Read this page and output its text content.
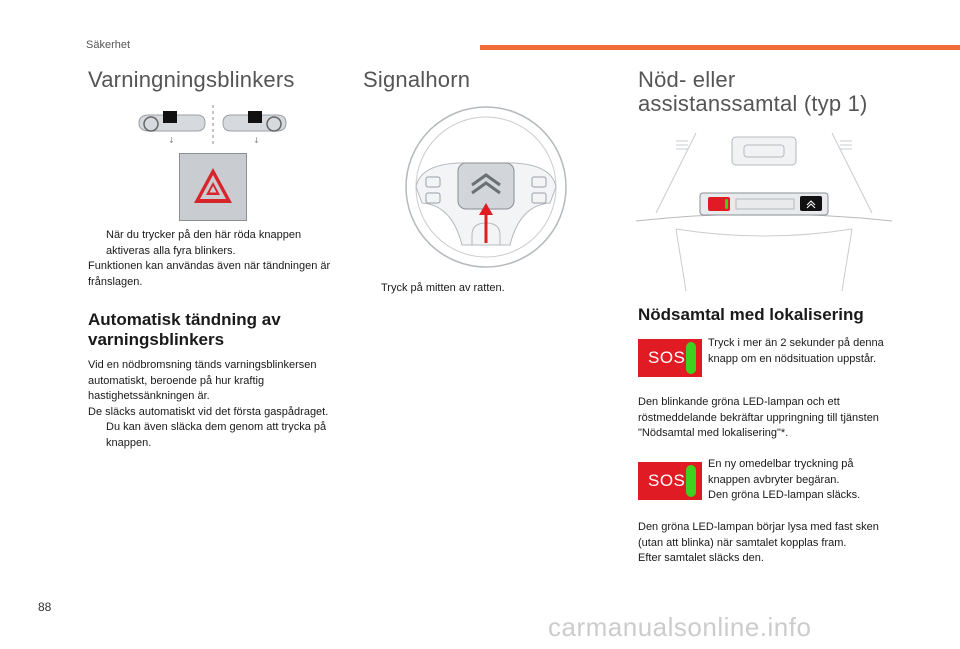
Säkerhet
Varningningsblinkers
↓	↓
När du trycker på den här röda knappen aktiveras alla fyra blinkers.
Funktionen kan användas även när tändningen är frånslagen.
Automatisk tändning av varningsblinkers
Vid en nödbromsning tänds varningsblinkersen automatiskt, beroende på hur kraftig hastighetssänkningen är.
De släcks automatiskt vid det första gaspådraget.
Du kan även släcka dem genom att trycka på knappen.
Signalhorn
Tryck på mitten av ratten.
Nöd- eller
assistanssamtal (typ 1)
Nödsamtal med lokalisering
SOS
Tryck i mer än 2 sekunder på denna knapp om en nödsituation uppstår.
Den blinkande gröna LED-lampan och ett röstmeddelande bekräftar uppringning till tjänsten "Nödsamtal med lokalisering"*.
SOS
En ny omedelbar tryckning på knappen avbryter begäran.
Den gröna LED-lampan släcks.
Den gröna LED-lampan börjar lysa med fast sken (utan att blinka) när samtalet kopplas fram.
Efter samtalet släcks den.
88
carmanualsonline.info
